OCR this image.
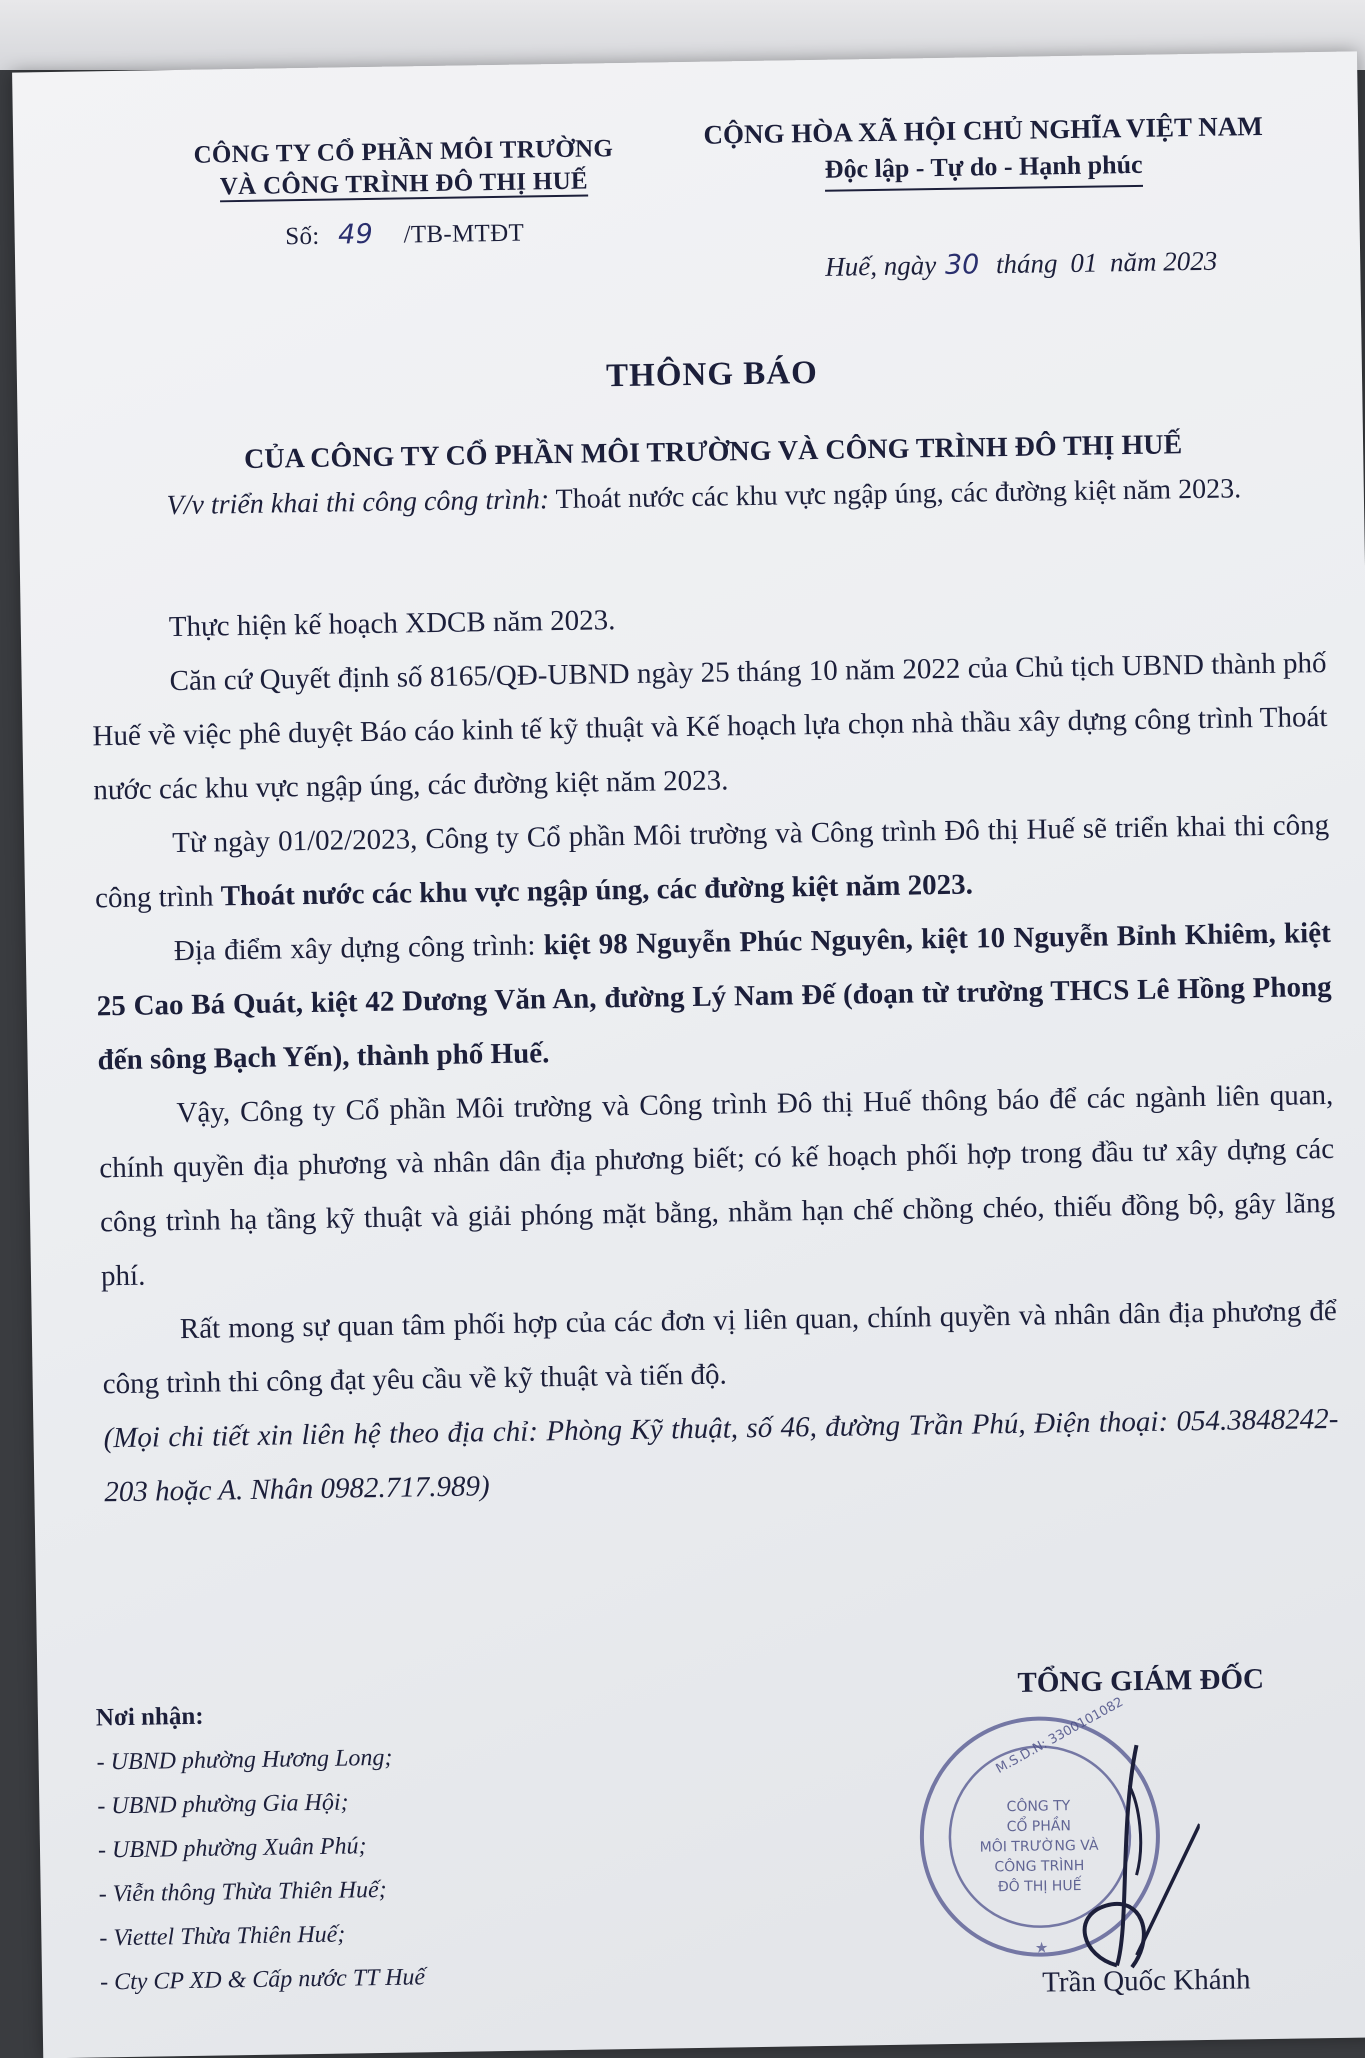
CÔNG TY CỔ PHẦN MÔI TRƯỜNG
VÀ CÔNG TRÌNH ĐÔ THỊ HUẾ
Số: 49 /TB-MTĐT
CỘNG HÒA XÃ HỘI CHỦ NGHĨA VIỆT NAM
Độc lập - Tự do - Hạnh phúc
Huế, ngày 30 tháng 01 năm 2023
THÔNG BÁO
CỦA CÔNG TY CỔ PHẦN MÔI TRƯỜNG VÀ CÔNG TRÌNH ĐÔ THỊ HUẾ
V/v triển khai thi công công trình: Thoát nước các khu vực ngập úng, các đường kiệt năm 2023.

Thực hiện kế hoạch XDCB năm 2023.

Căn cứ Quyết định số 8165/QĐ-UBND ngày 25 tháng 10 năm 2022 của Chủ tịch UBND thành phố Huế về việc phê duyệt Báo cáo kinh tế kỹ thuật và Kế hoạch lựa chọn nhà thầu xây dựng công trình Thoát nước các khu vực ngập úng, các đường kiệt năm 2023.

Từ ngày 01/02/2023, Công ty Cổ phần Môi trường và Công trình Đô thị Huế sẽ triển khai thi công công trình Thoát nước các khu vực ngập úng, các đường kiệt năm 2023.

Địa điểm xây dựng công trình: kiệt 98 Nguyễn Phúc Nguyên, kiệt 10 Nguyễn Bỉnh Khiêm, kiệt 25 Cao Bá Quát, kiệt 42 Dương Văn An, đường Lý Nam Đế (đoạn từ trường THCS Lê Hồng Phong đến sông Bạch Yến), thành phố Huế.

Vậy, Công ty Cổ phần Môi trường và Công trình Đô thị Huế thông báo để các ngành liên quan, chính quyền địa phương và nhân dân địa phương biết; có kế hoạch phối hợp trong đầu tư xây dựng các công trình hạ tầng kỹ thuật và giải phóng mặt bằng, nhằm hạn chế chồng chéo, thiếu đồng bộ, gây lãng phí.

Rất mong sự quan tâm phối hợp của các đơn vị liên quan, chính quyền và nhân dân địa phương để công trình thi công đạt yêu cầu về kỹ thuật và tiến độ.

(Mọi chi tiết xin liên hệ theo địa chỉ: Phòng Kỹ thuật, số 46, đường Trần Phú, Điện thoại: 054.3848242-203 hoặc A. Nhân 0982.717.989)

Nơi nhận:
- UBND phường Hương Long;
- UBND phường Gia Hội;
- UBND phường Xuân Phú;
- Viễn thông Thừa Thiên Huế;
- Viettel Thừa Thiên Huế;
- Cty CP XD & Cấp nước TT Huế
★
M.S.D.N: 3300101082
CÔNG TY
CỔ PHẦN
MÔI TRƯỜNG VÀ
CÔNG TRÌNH
ĐÔ THỊ HUẾ
TỔNG GIÁM ĐỐC
Trần Quốc Khánh
